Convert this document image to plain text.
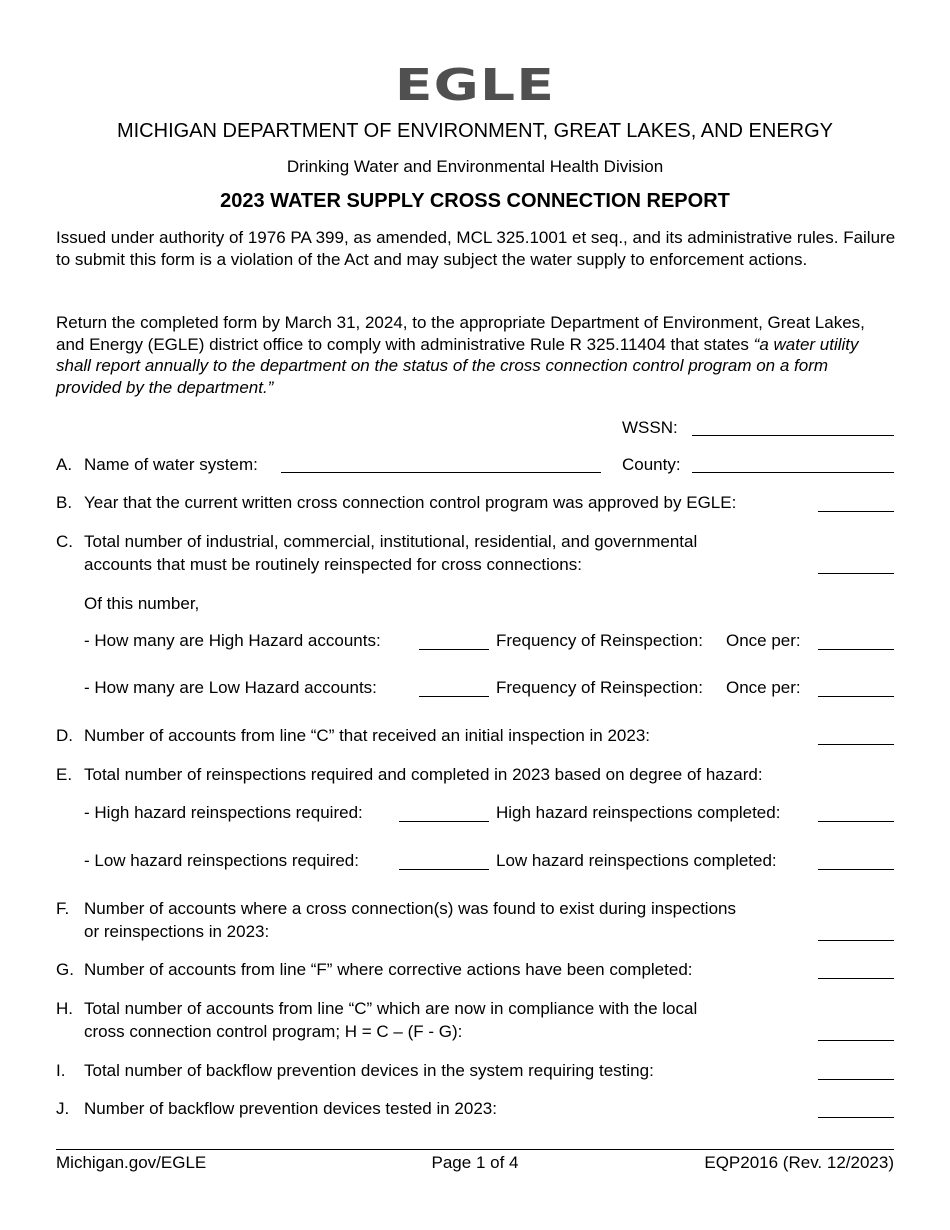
EGLE
MICHIGAN DEPARTMENT OF ENVIRONMENT, GREAT LAKES, AND ENERGY
Drinking Water and Environmental Health Division
2023 WATER SUPPLY CROSS CONNECTION REPORT
Issued under authority of 1976 PA 399, as amended, MCL 325.1001 et seq., and its administrative rules. Failure to submit this form is a violation of the Act and may subject the water supply to enforcement actions.
Return the completed form by March 31, 2024, to the appropriate Department of Environment, Great Lakes, and Energy (EGLE) district office to comply with administrative Rule R 325.11404 that states “a water utility shall report annually to the department on the status of the cross connection control program on a form provided by the department.”
WSSN:
A. Name of water system:	County:
B. Year that the current written cross connection control program was approved by EGLE:
C. Total number of industrial, commercial, institutional, residential, and governmental
accounts that must be routinely reinspected for cross connections:
Of this number,
- How many are High Hazard accounts:	Frequency of Reinspection: Once per:
- How many are Low Hazard accounts:	Frequency of Reinspection: Once per:
D. Number of accounts from line “C” that received an initial inspection in 2023:
E. Total number of reinspections required and completed in 2023 based on degree of hazard:
- High hazard reinspections required:	High hazard reinspections completed:
- Low hazard reinspections required:	Low hazard reinspections completed:
F. Number of accounts where a cross connection(s) was found to exist during inspections
or reinspections in 2023:
G. Number of accounts from line “F” where corrective actions have been completed:
H. Total number of accounts from line “C” which are now in compliance with the local
cross connection control program; H = C – (F - G):
I. Total number of backflow prevention devices in the system requiring testing:
J. Number of backflow prevention devices tested in 2023:
Michigan.gov/EGLE	Page 1 of 4	EQP2016 (Rev. 12/2023)
